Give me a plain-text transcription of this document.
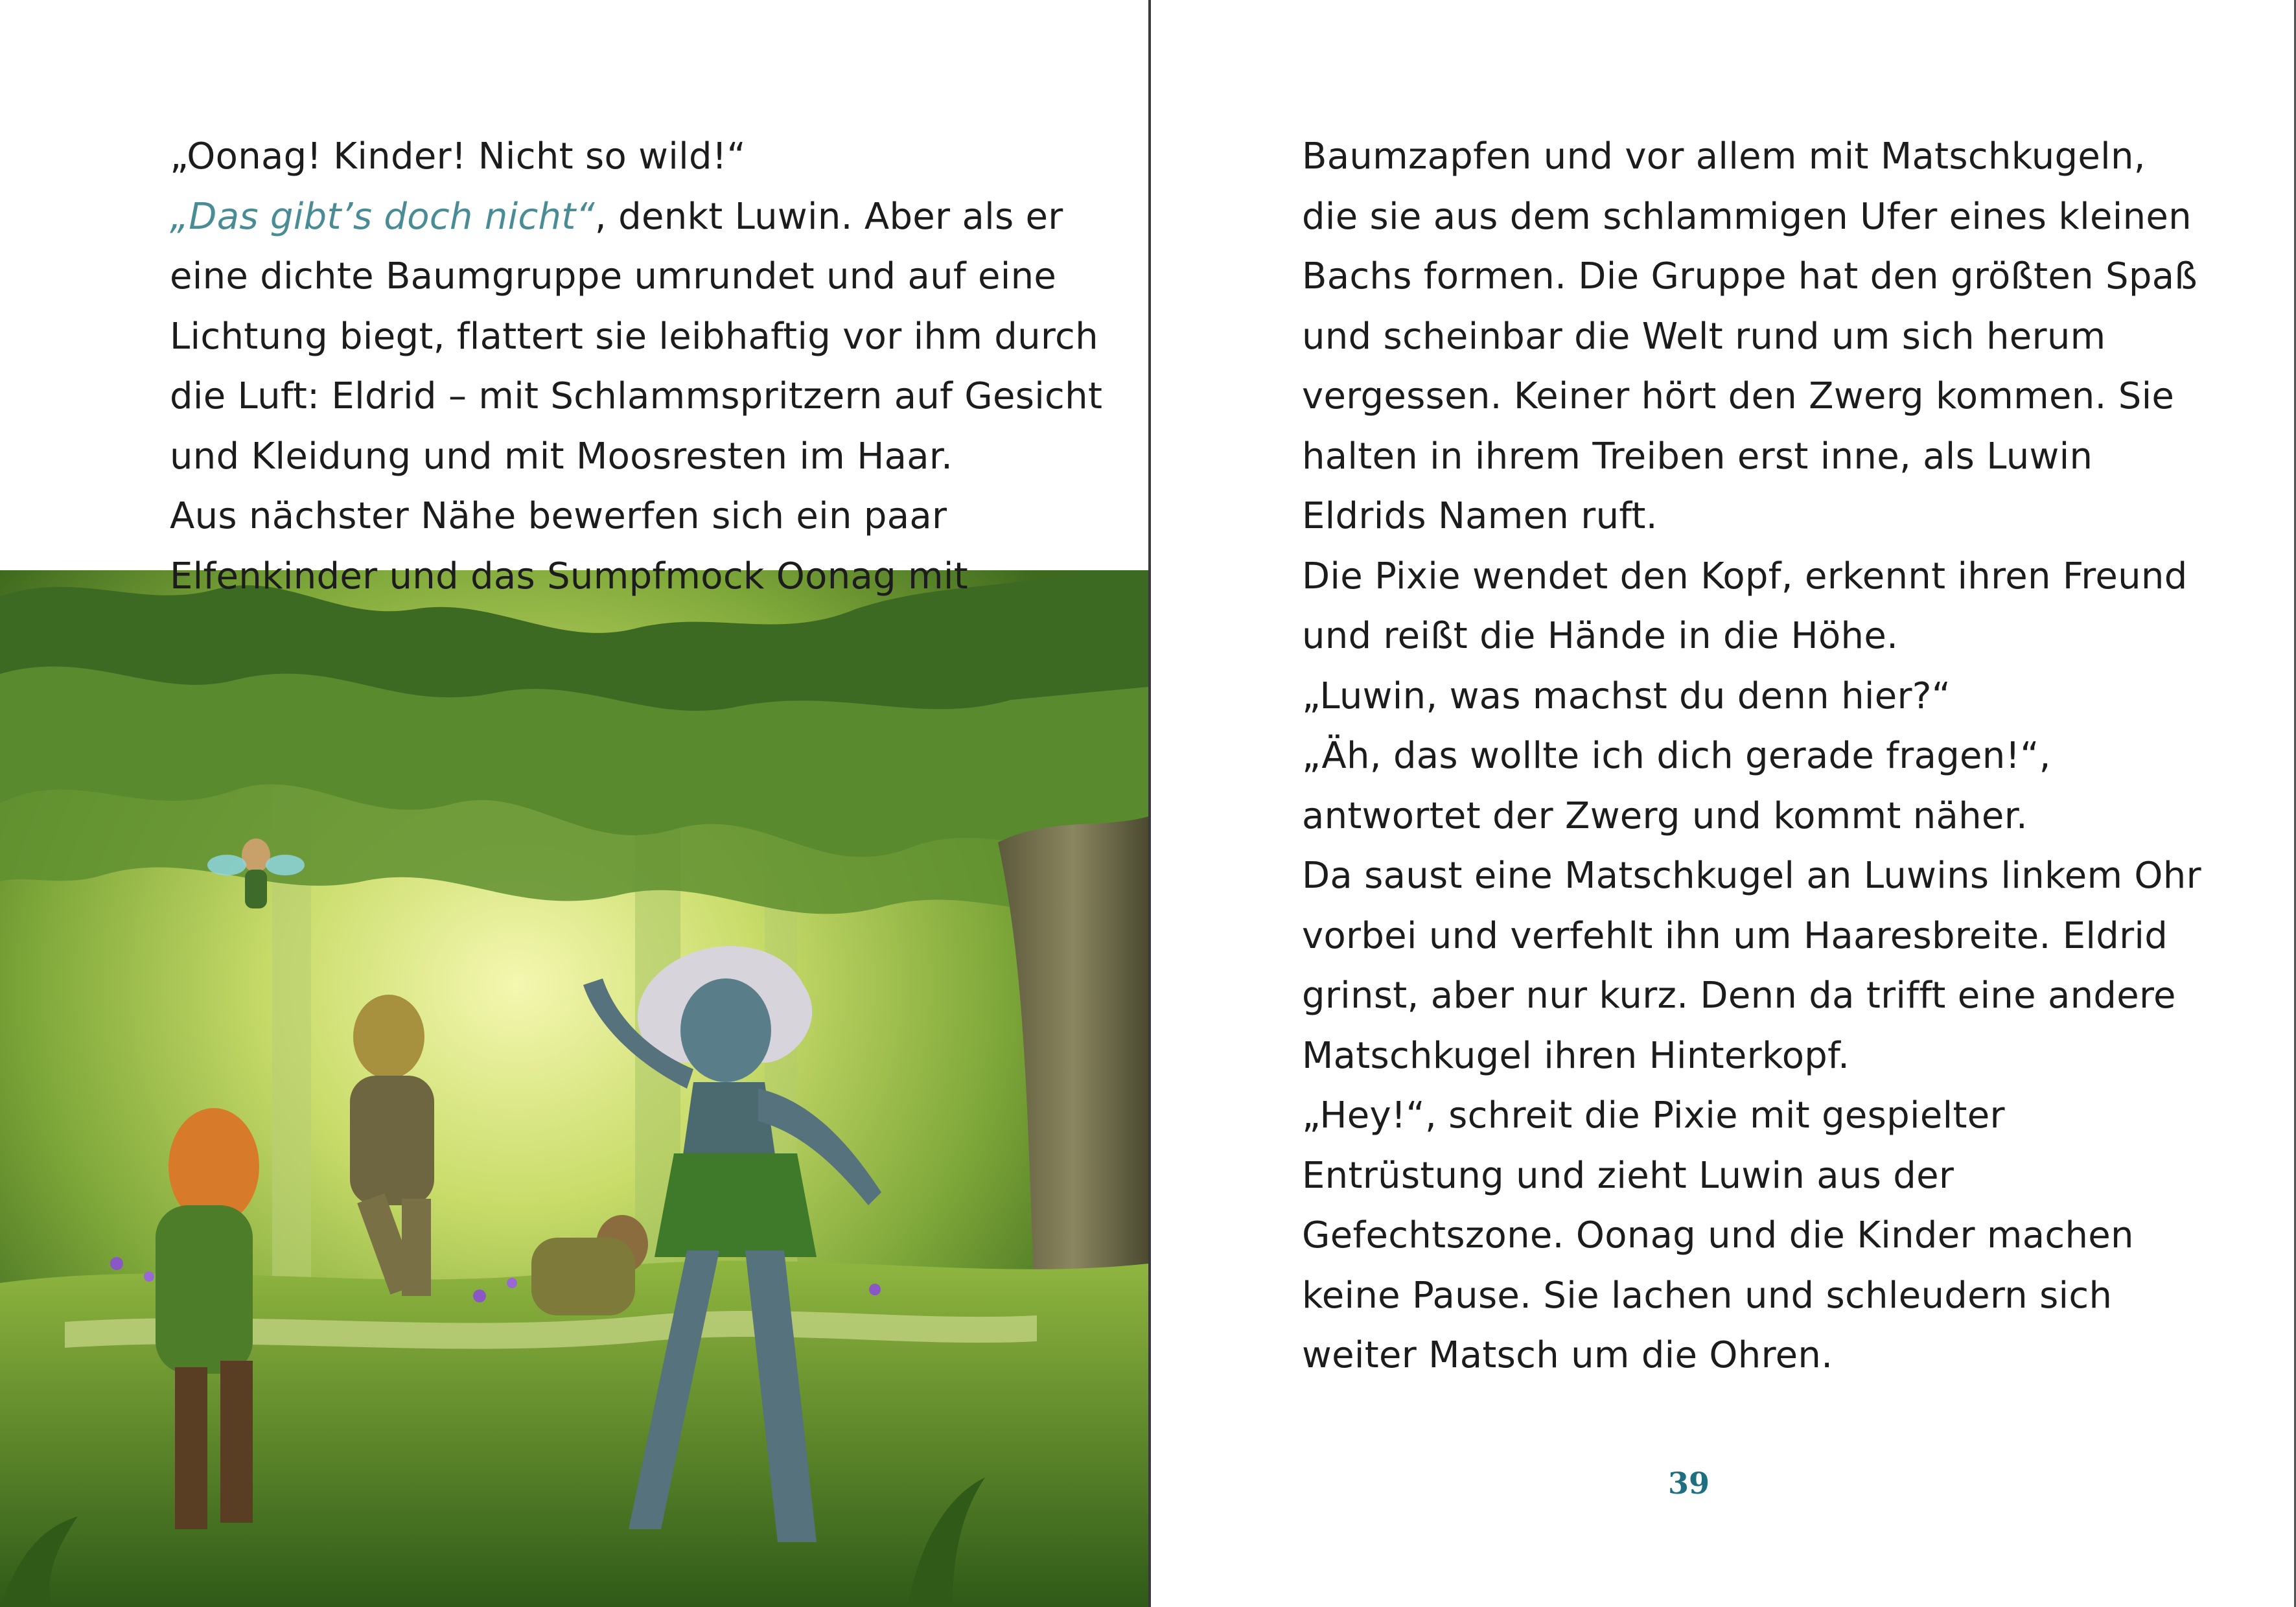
„Oonag! Kinder! Nicht so wild!“
„Das gibt’s doch nicht“, denkt Luwin. Aber als er
eine dichte Baumgruppe umrundet und auf eine
Lichtung biegt, flattert sie leibhaftig vor ihm durch
die Luft: Eldrid – mit Schlammspritzern auf Gesicht
und Kleidung und mit Moosresten im Haar.
Aus nächster Nähe bewerfen sich ein paar
Elfenkinder und das Sumpfmock Oonag mit
Baumzapfen und vor allem mit Matschkugeln,
die sie aus dem schlammigen Ufer eines kleinen
Bachs formen. Die Gruppe hat den größten Spaß
und scheinbar die Welt rund um sich herum
vergessen. Keiner hört den Zwerg kommen. Sie
halten in ihrem Treiben erst inne, als Luwin
Eldrids Namen ruft.
Die Pixie wendet den Kopf, erkennt ihren Freund
und reißt die Hände in die Höhe.
„Luwin, was machst du denn hier?“
„Äh, das wollte ich dich gerade fragen!“,
antwortet der Zwerg und kommt näher.
Da saust eine Matschkugel an Luwins linkem Ohr
vorbei und verfehlt ihn um Haaresbreite. Eldrid
grinst, aber nur kurz. Denn da trifft eine andere
Matschkugel ihren Hinterkopf.
„Hey!“, schreit die Pixie mit gespielter
Entrüstung und zieht Luwin aus der
Gefechtszone. Oonag und die Kinder machen
keine Pause. Sie lachen und schleudern sich
weiter Matsch um die Ohren.
39
